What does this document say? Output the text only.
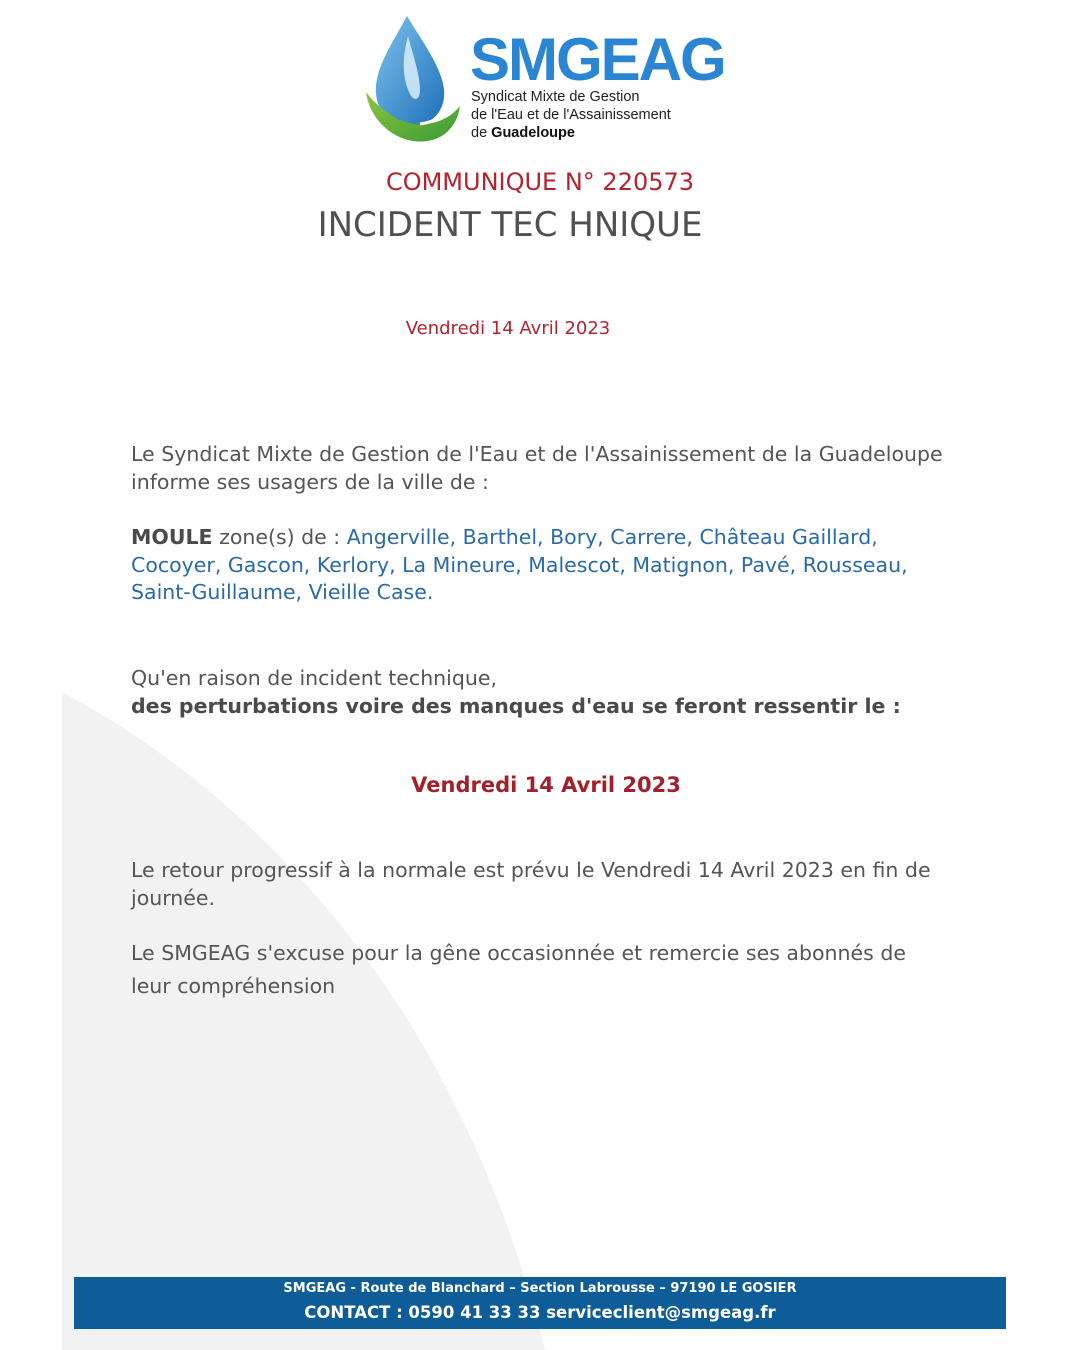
SMGEAG
Syndicat Mixte de Gestion
de l'Eau et de l'Assainissement
de Guadeloupe
COMMUNIQUE N° 220573
INCIDENT TEC HNIQUE
Vendredi 14 Avril 2023
Le Syndicat Mixte de Gestion de l'Eau et de l'Assainissement de la Guadeloupe informe ses usagers de la ville de :
MOULE zone(s) de : Angerville, Barthel, Bory, Carrere, Château Gaillard, Cocoyer, Gascon, Kerlory, La Mineure, Malescot, Matignon, Pavé, Rousseau, Saint-Guillaume, Vieille Case.
Qu'en raison de incident technique,
des perturbations voire des manques d'eau se feront ressentir le :
Vendredi 14 Avril 2023
Le retour progressif à la normale est prévu le Vendredi 14 Avril 2023 en fin de journée.
Le SMGEAG s'excuse pour la gêne occasionnée et remercie ses abonnés de leur compréhension
SMGEAG - Route de Blanchard – Section Labrousse – 97190 LE GOSIER
CONTACT : 0590 41 33 33 serviceclient@smgeag.fr
